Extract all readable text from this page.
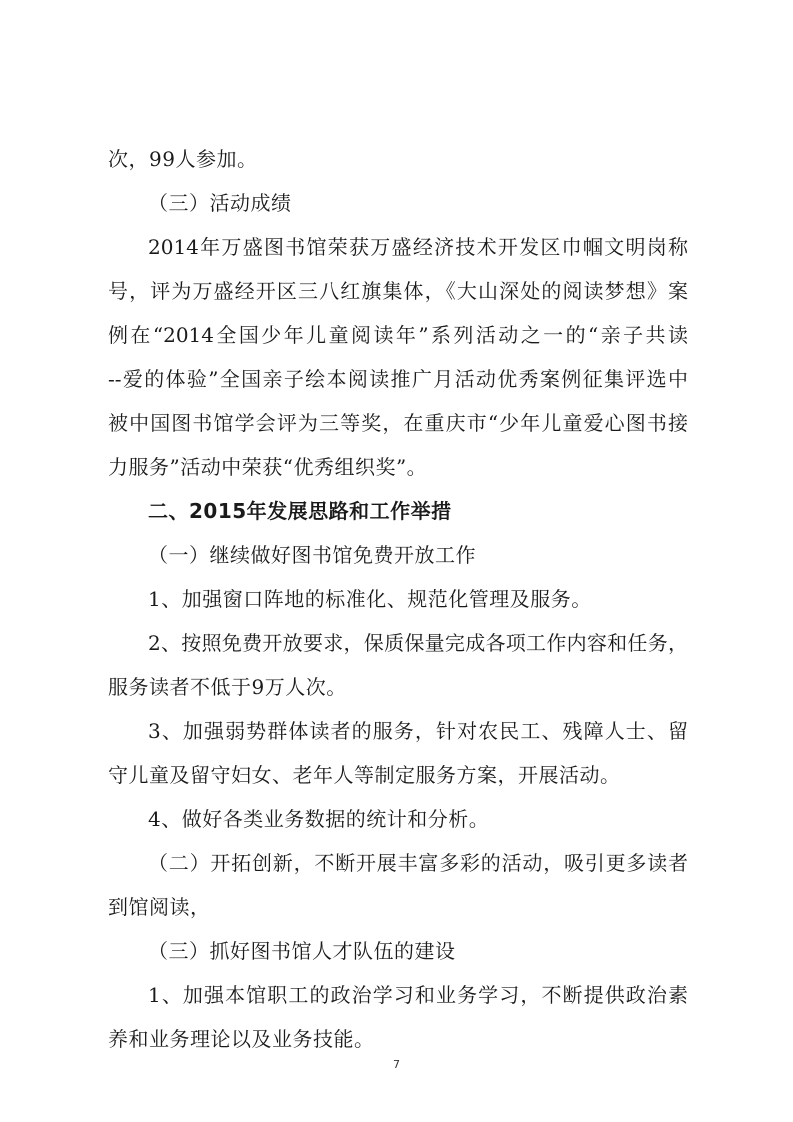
次，99人参加。
（三）活动成绩
2014年万盛图书馆荣获万盛经济技术开发区巾帼文明岗称
号，评为万盛经开区三八红旗集体，《大山深处的阅读梦想》案
例在“2014全国少年儿童阅读年”系列活动之一的“亲子共读
--爱的体验”全国亲子绘本阅读推广月活动优秀案例征集评选中
被中国图书馆学会评为三等奖，在重庆市“少年儿童爱心图书接
力服务”活动中荣获“优秀组织奖”。
二、2015年发展思路和工作举措
（一）继续做好图书馆免费开放工作
1、加强窗口阵地的标准化、规范化管理及服务。
2、按照免费开放要求，保质保量完成各项工作内容和任务，
服务读者不低于9万人次。
3、加强弱势群体读者的服务，针对农民工、残障人士、留
守儿童及留守妇女、老年人等制定服务方案，开展活动。
4、做好各类业务数据的统计和分析。
（二）开拓创新，不断开展丰富多彩的活动，吸引更多读者
到馆阅读，
（三）抓好图书馆人才队伍的建设
1、加强本馆职工的政治学习和业务学习，不断提供政治素
养和业务理论以及业务技能。
7
